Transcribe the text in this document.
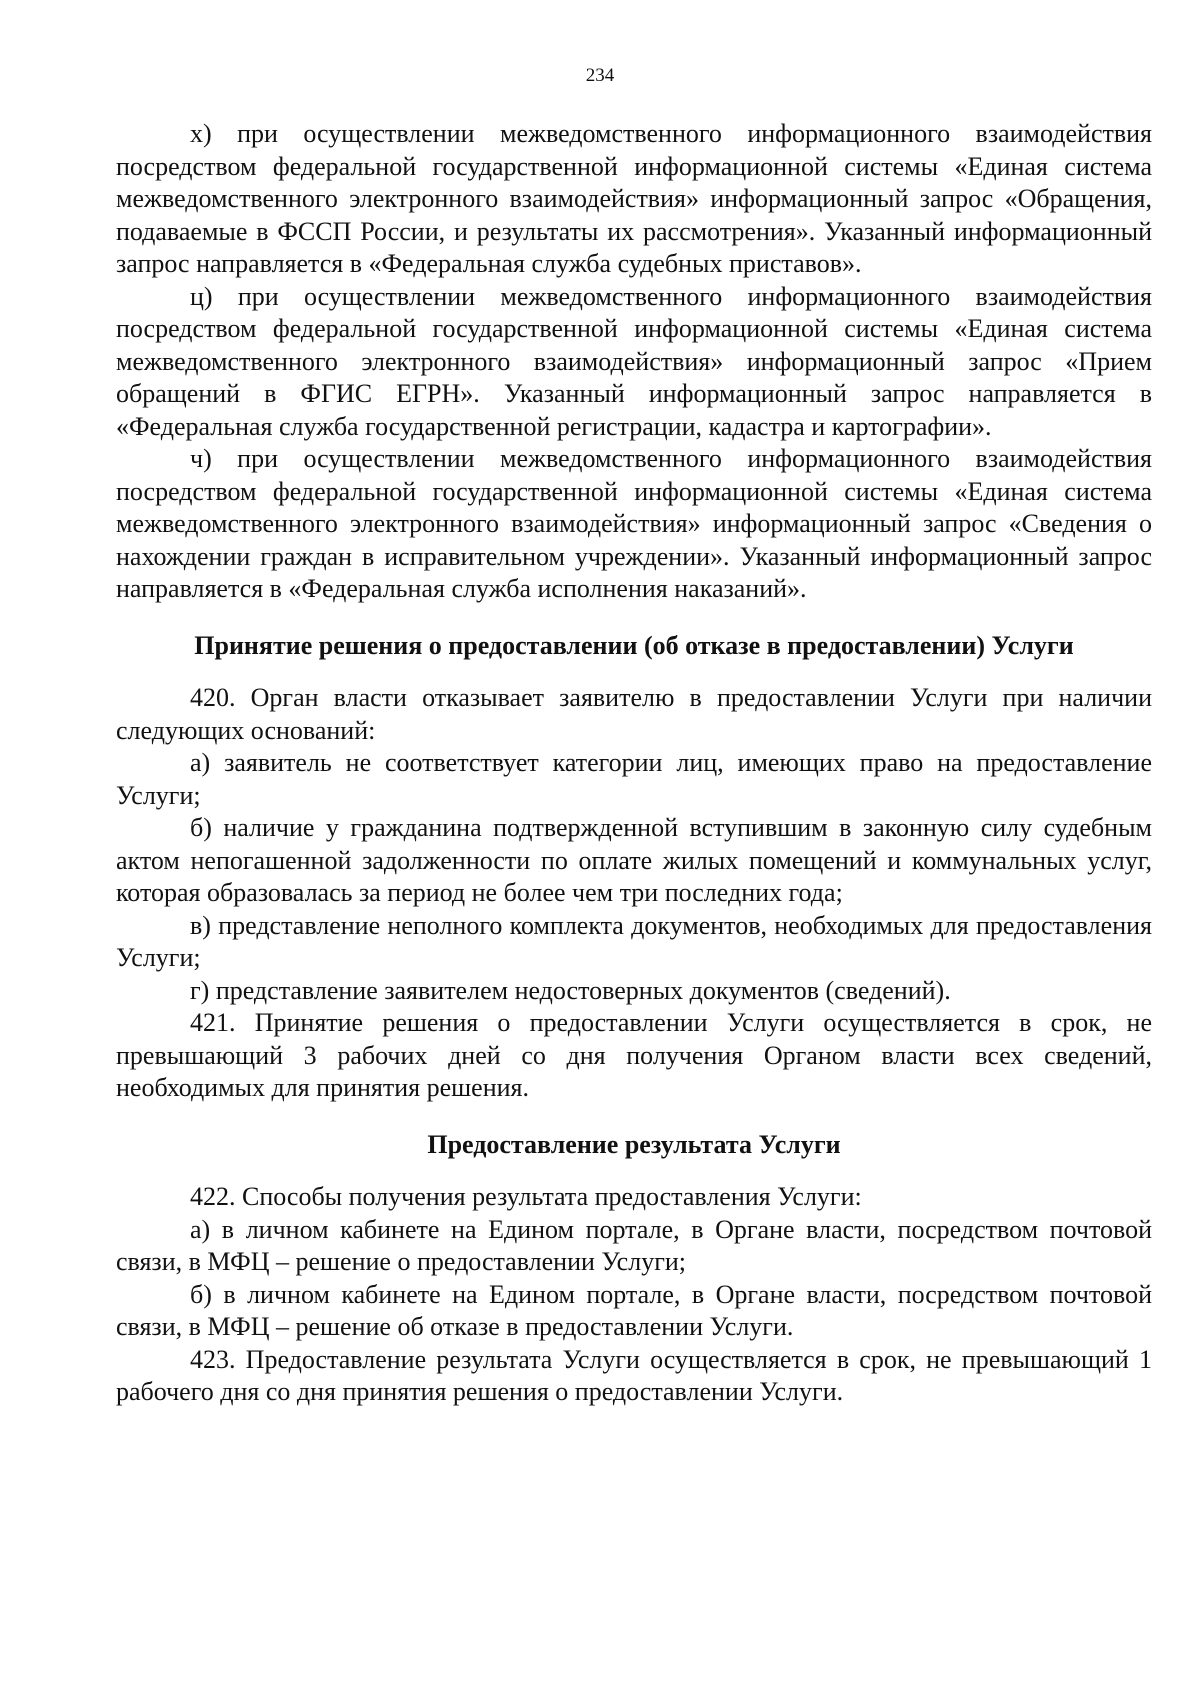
234

х) при осуществлении межведомственного информационного взаимодействия посредством федеральной государственной информационной системы «Единая система межведомственного электронного взаимодействия» информационный запрос «Обращения, подаваемые в ФССП России, и результаты их рассмотрения». Указанный информационный запрос направляется в «Федеральная служба судебных приставов».

ц) при осуществлении межведомственного информационного взаимодействия посредством федеральной государственной информационной системы «Единая система межведомственного электронного взаимодействия» информационный запрос «Прием обращений в ФГИС ЕГРН». Указанный информационный запрос направляется в «Федеральная служба государственной регистрации, кадастра и картографии».

ч) при осуществлении межведомственного информационного взаимодействия посредством федеральной государственной информационной системы «Единая система межведомственного электронного взаимодействия» информационный запрос «Сведения о нахождении граждан в исправительном учреждении». Указанный информационный запрос направляется в «Федеральная служба исполнения наказаний».

Принятие решения о предоставлении (об отказе в предоставлении) Услуги

420. Орган власти отказывает заявителю в предоставлении Услуги при наличии следующих оснований:

а) заявитель не соответствует категории лиц, имеющих право на предоставление Услуги;

б) наличие у гражданина подтвержденной вступившим в законную силу судебным актом непогашенной задолженности по оплате жилых помещений и коммунальных услуг, которая образовалась за период не более чем три последних года;

в) представление неполного комплекта документов, необходимых для предоставления Услуги;

г) представление заявителем недостоверных документов (сведений).

421. Принятие решения о предоставлении Услуги осуществляется в срок, не превышающий 3 рабочих дней со дня получения Органом власти всех сведений, необходимых для принятия решения.

Предоставление результата Услуги

422. Способы получения результата предоставления Услуги:

а) в личном кабинете на Едином портале, в Органе власти, посредством почтовой связи, в МФЦ – решение о предоставлении Услуги;

б) в личном кабинете на Едином портале, в Органе власти, посредством почтовой связи, в МФЦ – решение об отказе в предоставлении Услуги.

423. Предоставление результата Услуги осуществляется в срок, не превышающий 1 рабочего дня со дня принятия решения о предоставлении Услуги.
